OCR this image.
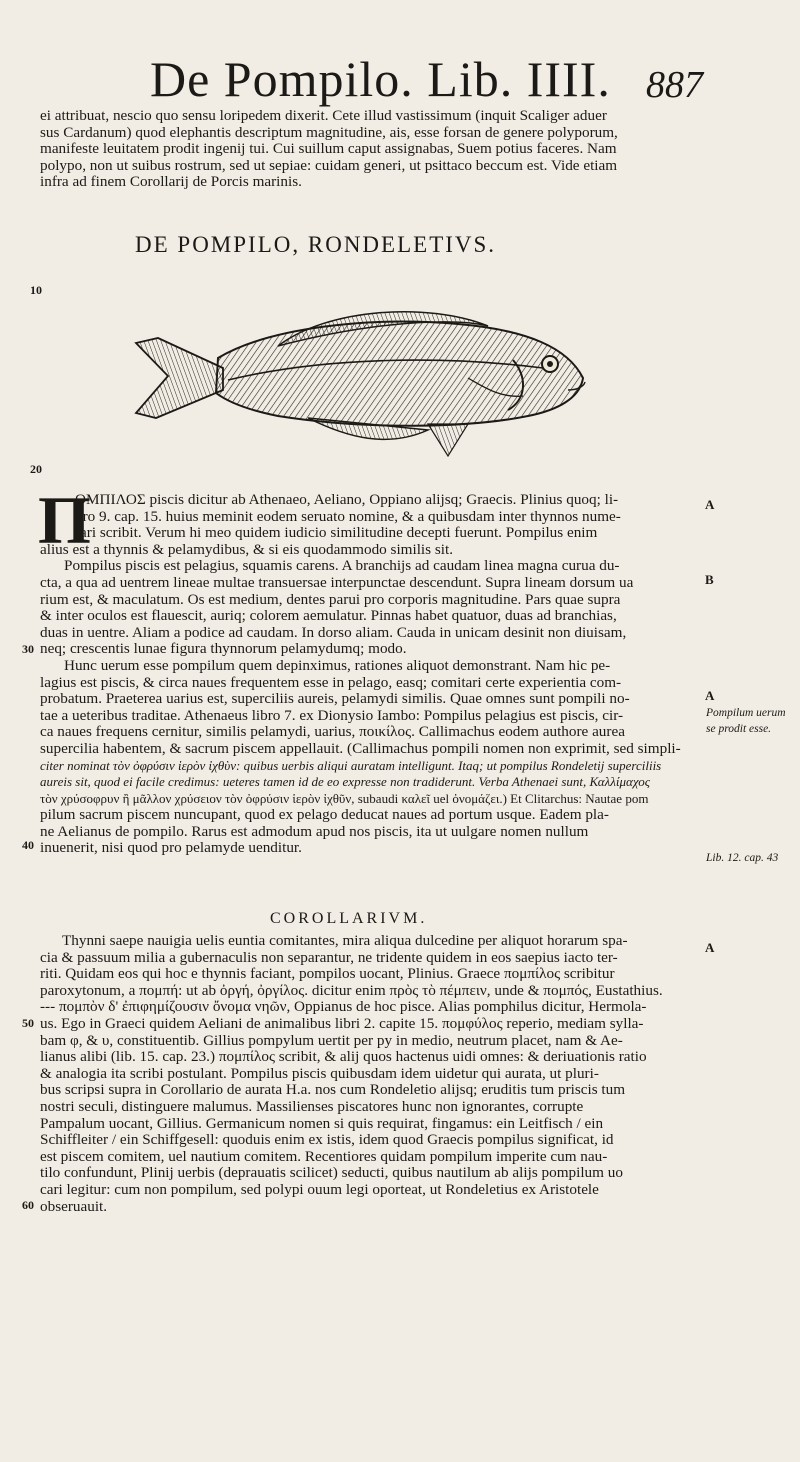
De Pompilo. Lib. IIII. 887
ei attribuat, nescio quo sensu loripedem dixerit. Cete illud vastissimum (inquit Scaliger aduer
sus Cardanum) quod elephantis descriptum magnitudine, ais, esse forsan de genere polyporum,
manifeste leuitatem prodit ingenij tui. Cui suillum caput assignabas, Suem potius faceres. Nam
polypo, non ut suibus rostrum, sed ut sepiae: cuidam generi, ut psittaco beccum est. Vide etiam
infra ad finem Corollarij de Porcis marinis.
DE POMPILO, RONDELETIVS.
10
20
Π
ΟΜΠΙΛΟΣ piscis dicitur ab Athenaeo, Aeliano, Oppiano alijsq; Graecis. Plinius quoq; li-
bro 9. cap. 15. huius meminit eodem seruato nomine, & a quibusdam inter thynnos nume-
rari scribit. Verum hi meo quidem iudicio similitudine decepti fuerunt. Pompilus enim
alius est a thynnis & pelamydibus, & si eis quodammodo similis sit.
Pompilus piscis est pelagius, squamis carens. A branchijs ad caudam linea magna curua du-
cta, a qua ad uentrem lineae multae transuersae interpunctae descendunt. Supra lineam dorsum ua
rium est, & maculatum. Os est medium, dentes parui pro corporis magnitudine. Pars quae supra
& inter oculos est flauescit, auriq; colorem aemulatur. Pinnas habet quatuor, duas ad branchias,
duas in uentre. Aliam a podice ad caudam. In dorso aliam. Cauda in unicam desinit non diuisam,
neq; crescentis lunae figura thynnorum pelamydumq; modo.
Hunc uerum esse pompilum quem depinximus, rationes aliquot demonstrant. Nam hic pe-
lagius est piscis, & circa naues frequentem esse in pelago, easq; comitari certe experientia com-
probatum. Praeterea uarius est, superciliis aureis, pelamydi similis. Quae omnes sunt pompili no-
tae a ueteribus traditae. Athenaeus libro 7. ex Dionysio Iambo: Pompilus pelagius est piscis, cir-
ca naues frequens cernitur, similis pelamydi, uarius, ποικίλος. Callimachus eodem authore aurea
supercilia habentem, & sacrum piscem appellauit. (Callimachus pompili nomen non exprimit, sed simpli-
citer nominat τὸν ὀφρύσιν ἱερὸν ἰχθὺν: quibus uerbis aliqui auratam intelligunt. Itaq; ut pompilus Rondeletij superciliis
aureis sit, quod ei facile credimus: ueteres tamen id de eo expresse non tradiderunt. Verba Athenaei sunt, Καλλίμαχος
τὸν χρύσοφρυν ἢ μᾶλλον χρύσειον τὸν ὀφρύσιν ἱερὸν ἰχθῦν, subaudi καλεῖ uel ὀνομάζει.) Et Clitarchus: Nautae pom
pilum sacrum piscem nuncupant, quod ex pelago deducat naues ad portum usque. Eadem pla-
ne Aelianus de pompilo. Rarus est admodum apud nos piscis, ita ut uulgare nomen nullum
inuenerit, nisi quod pro pelamyde uenditur.
A
B
A
30
Pompilum uerum
se prodit esse.
40
Lib. 12. cap. 43
COROLLARIVM.
Thynni saepe nauigia uelis euntia comitantes, mira aliqua dulcedine per aliquot horarum spa-
cia & passuum milia a gubernaculis non separantur, ne tridente quidem in eos saepius iacto ter-
riti. Quidam eos qui hoc e thynnis faciant, pompilos uocant, Plinius. Graece πομπίλος scribitur
paroxytonum, a πομπή: ut ab ὀργή, ὀργίλος. dicitur enim πρὸς τὸ πέμπειν, unde & πομπός, Eustathius.
--- πομπὸν δ' ἐπιφημίζουσιν ὄνομα νηῶν, Oppianus de hoc pisce. Alias pomphilus dicitur, Hermola-
us. Ego in Graeci quidem Aeliani de animalibus libri 2. capite 15. πομφύλος reperio, mediam sylla-
bam φ, & υ, constituentib. Gillius pompylum uertit per py in medio, neutrum placet, nam & Ae-
lianus alibi (lib. 15. cap. 23.) πομπίλος scribit, & alij quos hactenus uidi omnes: & deriuationis ratio
& analogia ita scribi postulant. Pompilus piscis quibusdam idem uidetur qui aurata, ut pluri-
bus scripsi supra in Corollario de aurata H.a. nos cum Rondeletio alijsq; eruditis tum priscis tum
nostri seculi, distinguere malumus. Massilienses piscatores hunc non ignorantes, corrupte
Pampalum uocant, Gillius. Germanicum nomen si quis requirat, fingamus: ein Leitfisch / ein
Schiffleiter / ein Schiffgesell: quoduis enim ex istis, idem quod Graecis pompilus significat, id
est piscem comitem, uel nautium comitem. Recentiores quidam pompilum imperite cum nau-
tilo confundunt, Plinij uerbis (deprauatis scilicet) seducti, quibus nautilum ab alijs pompilum uo
cari legitur: cum non pompilum, sed polypi ouum legi oporteat, ut Rondeletius ex Aristotele
obseruauit.
A
50
60
